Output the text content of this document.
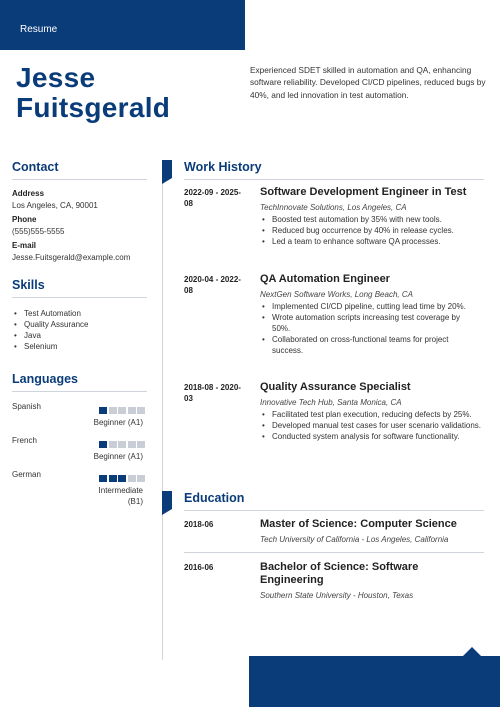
Resume
Jesse
Fuitsgerald
Experienced SDET skilled in automation and QA, enhancing software reliability. Developed CI/CD pipelines, reduced bugs by 40%, and led innovation in test automation.
Contact
Address
Los Angeles, CA, 90001
Phone
(555)555-5555
E-mail
Jesse.Fuitsgerald@example.com
Skills
• Test Automation
• Quality Assurance
• Java
• Selenium
Languages
Spanish
Beginner (A1)
French
Beginner (A1)
German
Intermediate (B1)
Work History
2022-09 - 2025-08
Software Development Engineer in Test
TechInnovate Solutions, Los Angeles, CA
• Boosted test automation by 35% with new tools.
• Reduced bug occurrence by 40% in release cycles.
• Led a team to enhance software QA processes.
2020-04 - 2022-08
QA Automation Engineer
NextGen Software Works, Long Beach, CA
• Implemented CI/CD pipeline, cutting lead time by 20%.
• Wrote automation scripts increasing test coverage by 50%.
• Collaborated on cross-functional teams for project success.
2018-08 - 2020-03
Quality Assurance Specialist
Innovative Tech Hub, Santa Monica, CA
• Facilitated test plan execution, reducing defects by 25%.
• Developed manual test cases for user scenario validations.
• Conducted system analysis for software functionality.
Education
2018-06	Master of Science: Computer Science
Tech University of California - Los Angeles, California
2016-06	Bachelor of Science: Software Engineering
Southern State University - Houston, Texas
